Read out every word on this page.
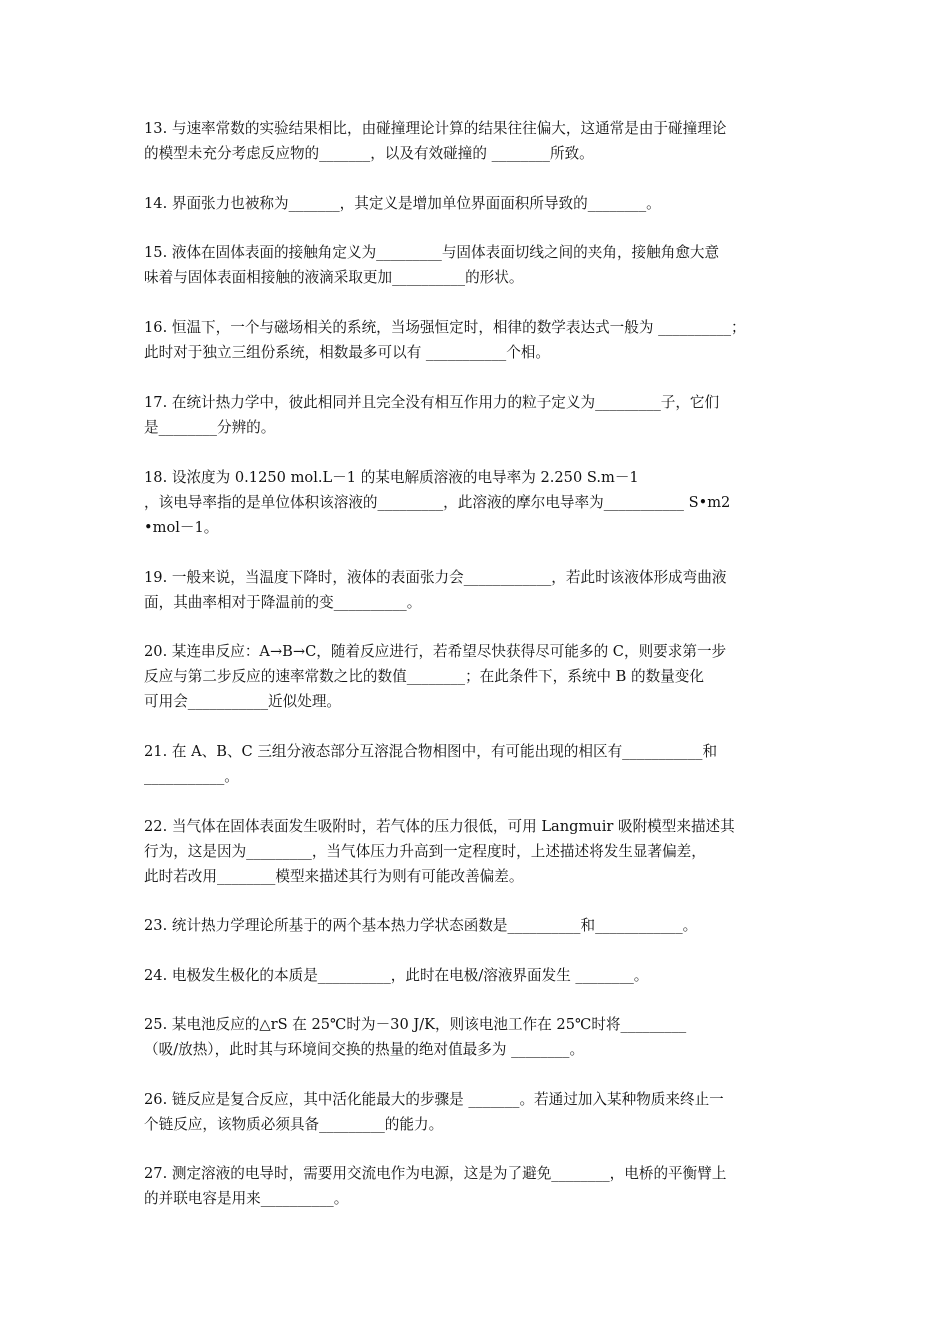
13. 与速率常数的实验结果相比，由碰撞理论计算的结果往往偏大，这通常是由于碰撞理论
的模型未充分考虑反应物的_______，以及有效碰撞的 ________所致。
14. 界面张力也被称为_______，其定义是增加单位界面面积所导致的________。
15. 液体在固体表面的接触角定义为_________与固体表面切线之间的夹角，接触角愈大意
味着与固体表面相接触的液滴采取更加__________的形状。
16. 恒温下，一个与磁场相关的系统，当场强恒定时，相律的数学表达式一般为 __________；
此时对于独立三组份系统，相数最多可以有 ___________个相。
17. 在统计热力学中，彼此相同并且完全没有相互作用力的粒子定义为_________子，它们
是________分辨的。
18. 设浓度为 0.1250 mol.L－1 的某电解质溶液的电导率为 2.250 S.m－1
，该电导率指的是单位体积该溶液的_________，此溶液的摩尔电导率为___________ S•m2
•mol－1。
19. 一般来说，当温度下降时，液体的表面张力会____________，若此时该液体形成弯曲液
面，其曲率相对于降温前的变__________。
20. 某连串反应：A→B→C，随着反应进行，若希望尽快获得尽可能多的 C，则要求第一步
反应与第二步反应的速率常数之比的数值________；在此条件下，系统中 B 的数量变化
可用会___________近似处理。
21. 在 A、B、C 三组分液态部分互溶混合物相图中，有可能出现的相区有___________和
___________。
22. 当气体在固体表面发生吸附时，若气体的压力很低，可用 Langmuir 吸附模型来描述其
行为，这是因为_________，当气体压力升高到一定程度时，上述描述将发生显著偏差，
此时若改用________模型来描述其行为则有可能改善偏差。
23. 统计热力学理论所基于的两个基本热力学状态函数是__________和____________。
24. 电极发生极化的本质是__________，此时在电极/溶液界面发生 ________。
25. 某电池反应的△rS 在 25℃时为－30 J/K，则该电池工作在 25℃时将_________
（吸/放热），此时其与环境间交换的热量的绝对值最多为 ________。
26. 链反应是复合反应，其中活化能最大的步骤是 _______。若通过加入某种物质来终止一
个链反应，该物质必须具备_________的能力。
27. 测定溶液的电导时，需要用交流电作为电源，这是为了避免________，电桥的平衡臂上
的并联电容是用来__________。
